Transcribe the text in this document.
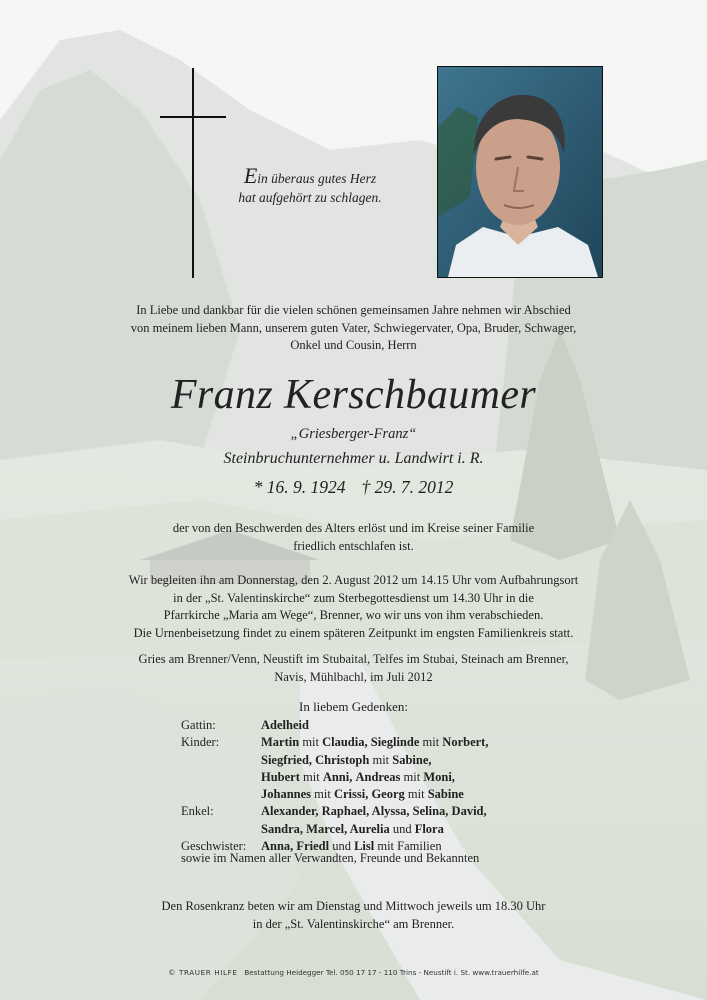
Ein überaus gutes Herz
hat aufgehört zu schlagen.
In Liebe und dankbar für die vielen schönen gemeinsamen Jahre nehmen wir Abschied
von meinem lieben Mann, unserem guten Vater, Schwiegervater, Opa, Bruder, Schwager,
Onkel und Cousin, Herrn
Franz Kerschbaumer
„Griesberger-Franz“
Steinbruchunternehmer u. Landwirt i. R.
* 16. 9. 1924 † 29. 7. 2012
der von den Beschwerden des Alters erlöst und im Kreise seiner Familie
friedlich entschlafen ist.
Wir begleiten ihn am Donnerstag, den 2. August 2012 um 14.15 Uhr vom Aufbahrungsort
in der „St. Valentinskirche“ zum Sterbegottesdienst um 14.30 Uhr in die
Pfarrkirche „Maria am Wege“, Brenner, wo wir uns von ihm verabschieden.
Die Urnenbeisetzung findet zu einem späteren Zeitpunkt im engsten Familienkreis statt.
Gries am Brenner/Venn, Neustift im Stubaital, Telfes im Stubai, Steinach am Brenner,
Navis, Mühlbachl, im Juli 2012
In liebem Gedenken:
Gattin:	Adelheid
Kinder:	Martin mit Claudia, Sieglinde mit Norbert,
Siegfried, Christoph mit Sabine,
Hubert mit Anni, Andreas mit Moni,
Johannes mit Crissi, Georg mit Sabine
Enkel:	Alexander, Raphael, Alyssa, Selina, David,
Sandra, Marcel, Aurelia und Flora
Geschwister:	Anna, Friedl und Lisl mit Familien
sowie im Namen aller Verwandten, Freunde und Bekannten
Den Rosenkranz beten wir am Dienstag und Mittwoch jeweils um 18.30 Uhr
in der „St. Valentinskirche“ am Brenner.
© TRAUER HILFE Bestattung Heidegger Tel. 050 17 17 - 110 Trins - Neustift i. St. www.trauerhilfe.at
